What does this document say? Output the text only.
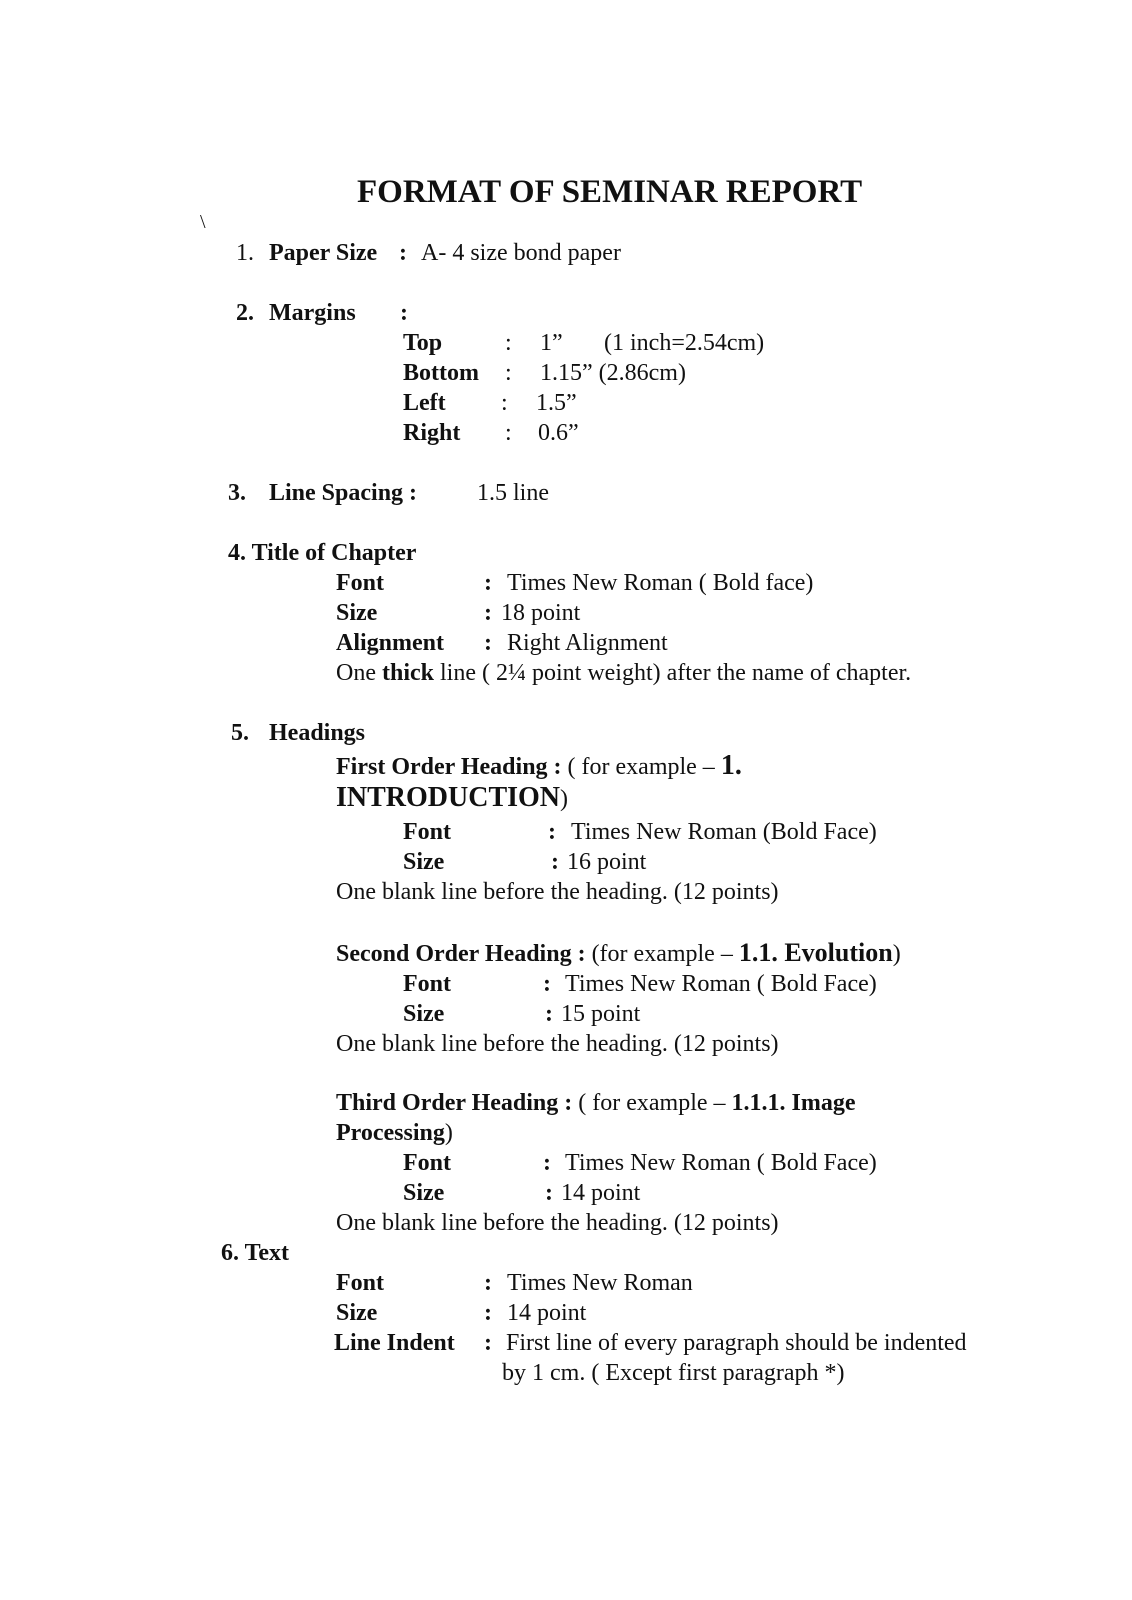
FORMAT OF SEMINAR REPORT
\
1. Paper Size : A- 4 size bond paper
2. Margins :
Top	: 1” (1 inch=2.54cm)
Bottom : 1.15” (2.86cm)
Left : 1.5”
Right : 0.6”
3. Line Spacing : 1.5 line
4. Title of Chapter
Font	: Times New Roman ( Bold face)
Size	: 18 point
Alignment : Right Alignment
One thick line ( 2¼ point weight) after the name of chapter.
5. Headings
First Order Heading : ( for example – 1.
INTRODUCTION)
Font	: Times New Roman (Bold Face)
Size	: 16 point
One blank line before the heading. (12 points)
Second Order Heading : (for example – 1.1. Evolution)
Font	: Times New Roman ( Bold Face)
Size	: 15 point
One blank line before the heading. (12 points)
Third Order Heading : ( for example – 1.1.1. Image
Processing)
Font	: Times New Roman ( Bold Face)
Size	: 14 point
One blank line before the heading. (12 points)
6. Text
Font	: Times New Roman
Size	: 14 point
Line Indent : First line of every paragraph should be indented
by 1 cm. ( Except first paragraph *)
